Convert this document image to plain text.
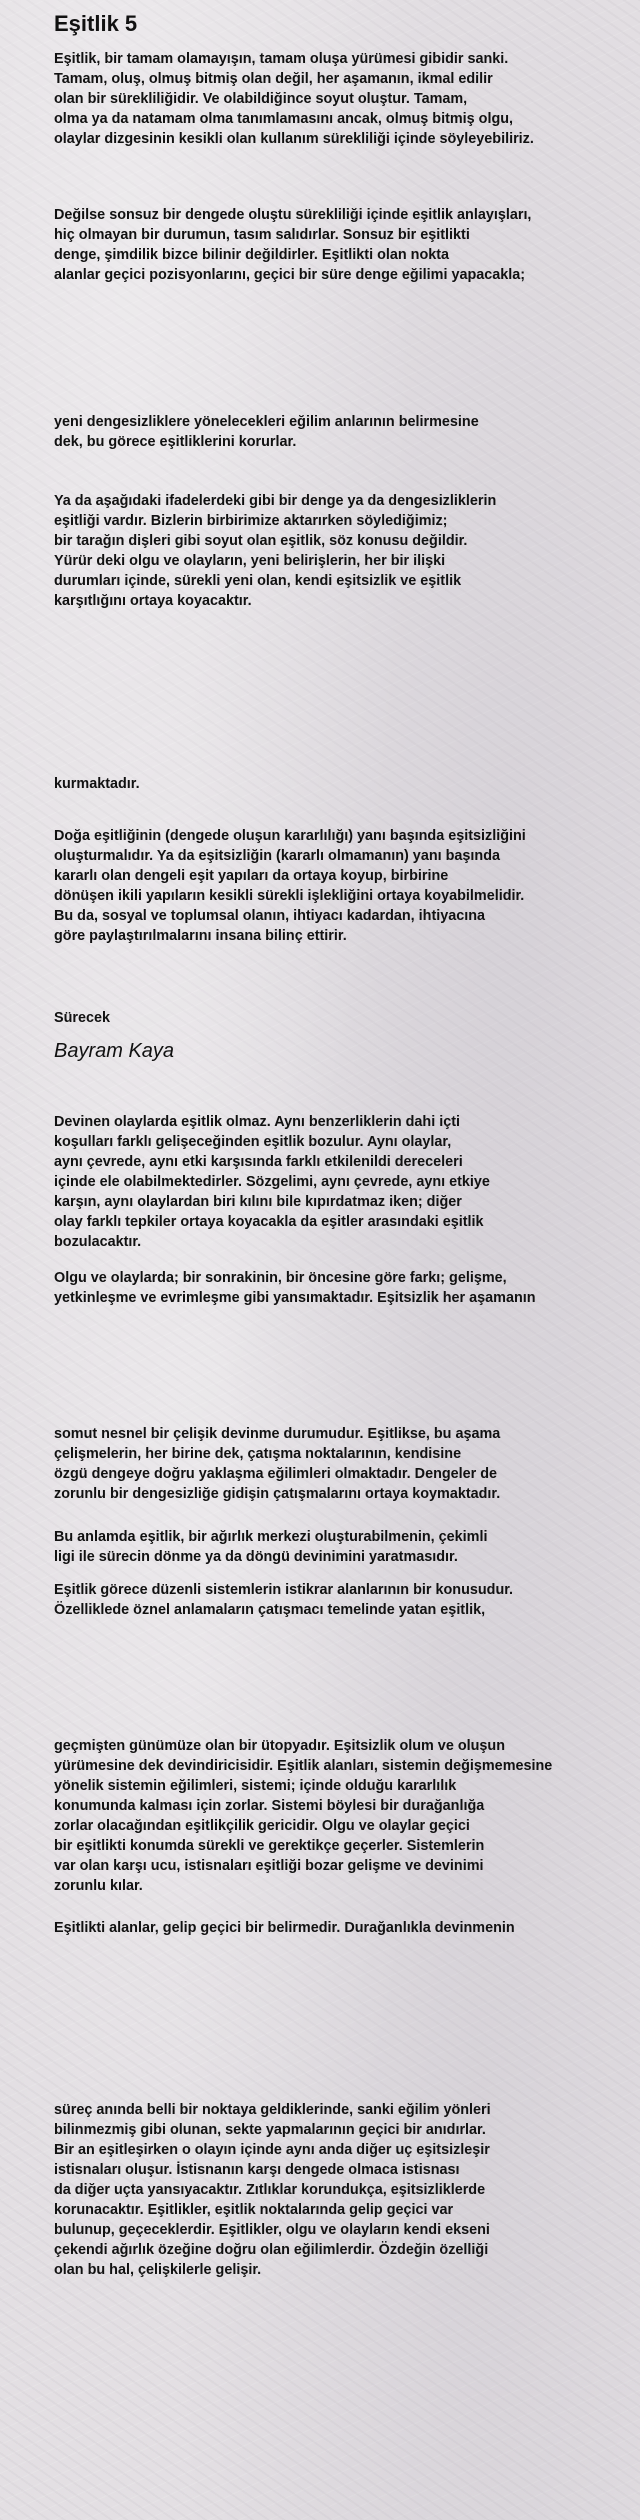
Eşitlik 5
Eşitlik, bir tamam olamayışın, tamam oluşa yürümesi gibidir sanki.
Tamam, oluş, olmuş bitmiş olan değil, her aşamanın, ikmal edilir
olan bir sürekliliğidir. Ve olabildiğince soyut oluştur. Tamam,
olma ya da natamam olma tanımlamasını ancak, olmuş bitmiş olgu,
olaylar dizgesinin kesikli olan kullanım sürekliliği içinde söyleyebiliriz.
Değilse sonsuz bir dengede oluştu sürekliliği içinde eşitlik anlayışları,
hiç olmayan bir durumun, tasım salıdırlar. Sonsuz bir eşitlikti
denge, şimdilik bizce bilinir değildirler. Eşitlikti olan nokta
alanlar geçici pozisyonlarını, geçici bir süre denge eğilimi yapacakla;
yeni dengesizliklere yönelecekleri eğilim anlarının belirmesine
dek, bu görece eşitliklerini korurlar.
Ya da aşağıdaki ifadelerdeki gibi bir denge ya da dengesizliklerin
eşitliği vardır. Bizlerin birbirimize aktarırken söylediğimiz;
bir tarağın dişleri gibi soyut olan eşitlik, söz konusu değildir.
Yürür deki olgu ve olayların, yeni belirişlerin, her bir ilişki
durumları içinde, sürekli yeni olan, kendi eşitsizlik ve eşitlik
karşıtlığını ortaya koyacaktır.
kurmaktadır.
Doğa eşitliğinin (dengede oluşun kararlılığı) yanı başında eşitsizliğini
oluşturmalıdır. Ya da eşitsizliğin (kararlı olmamanın) yanı başında
kararlı olan dengeli eşit yapıları da ortaya koyup, birbirine
dönüşen ikili yapıların kesikli sürekli işlekliğini ortaya koyabilmelidir.
Bu da, sosyal ve toplumsal olanın, ihtiyacı kadardan, ihtiyacına
göre paylaştırılmalarını insana bilinç ettirir.
Sürecek
Bayram Kaya
Devinen olaylarda eşitlik olmaz. Aynı benzerliklerin dahi içti
koşulları farklı gelişeceğinden eşitlik bozulur. Aynı olaylar,
aynı çevrede, aynı etki karşısında farklı etkilenildi dereceleri
içinde ele olabilmektedirler. Sözgelimi, aynı çevrede, aynı etkiye
karşın, aynı olaylardan biri kılını bile kıpırdatmaz iken; diğer
olay farklı tepkiler ortaya koyacakla da eşitler arasındaki eşitlik
bozulacaktır.
Olgu ve olaylarda; bir sonrakinin, bir öncesine göre farkı; gelişme,
yetkinleşme ve evrimleşme gibi yansımaktadır. Eşitsizlik her aşamanın
somut nesnel bir çelişik devinme durumudur. Eşitlikse, bu aşama
çelişmelerin, her birine dek, çatışma noktalarının, kendisine
özgü dengeye doğru yaklaşma eğilimleri olmaktadır. Dengeler de
zorunlu bir dengesizliğe gidişin çatışmalarını ortaya koymaktadır.
Bu anlamda eşitlik, bir ağırlık merkezi oluşturabilmenin, çekimli
ligi ile sürecin dönme ya da döngü devinimini yaratmasıdır.
Eşitlik görece düzenli sistemlerin istikrar alanlarının bir konusudur.
Özellikledе öznel anlamaların çatışmacı temelinde yatan eşitlik,
geçmişten günümüze olan bir ütopyadır. Eşitsizlik olum ve oluşun
yürümesine dek devindiricisidir. Eşitlik alanları, sistemin değişmemesine
yönelik sistemin eğilimleri, sistemi; içinde olduğu kararlılık
konumunda kalması için zorlar. Sistemi böylesi bir durağanlığa
zorlar olacağından eşitlikçilik gericidir. Olgu ve olaylar geçici
bir eşitlikti konumda sürekli ve gerektikçe geçerler. Sistemlerin
var olan karşı ucu, istisnaları eşitliği bozar gelişme ve devinimi
zorunlu kılar.
Eşitlikti alanlar, gelip geçici bir belirmedir. Durağanlıkla devinmenin
süreç anında belli bir noktaya geldiklerinde, sanki eğilim yönleri
bilinmezmiş gibi olunan, sekte yapmalarının geçici bir anıdırlar.
Bir an eşitleşirken o olayın içinde aynı anda diğer uç eşitsizleşir
istisnaları oluşur. İstisnanın karşı dengede olmaca istisnası
da diğer uçta yansıyacaktır. Zıtlıklar korundukça, eşitsizliklerde
korunacaktır. Eşitlikler, eşitlik noktalarında gelip geçici var
bulunup, geçeceklerdir. Eşitlikler, olgu ve olayların kendi ekseni
çekendi ağırlık özeğine doğru olan eğilimlerdir. Özdeğin özelliği
olan bu hal, çelişkilerle gelişir.
